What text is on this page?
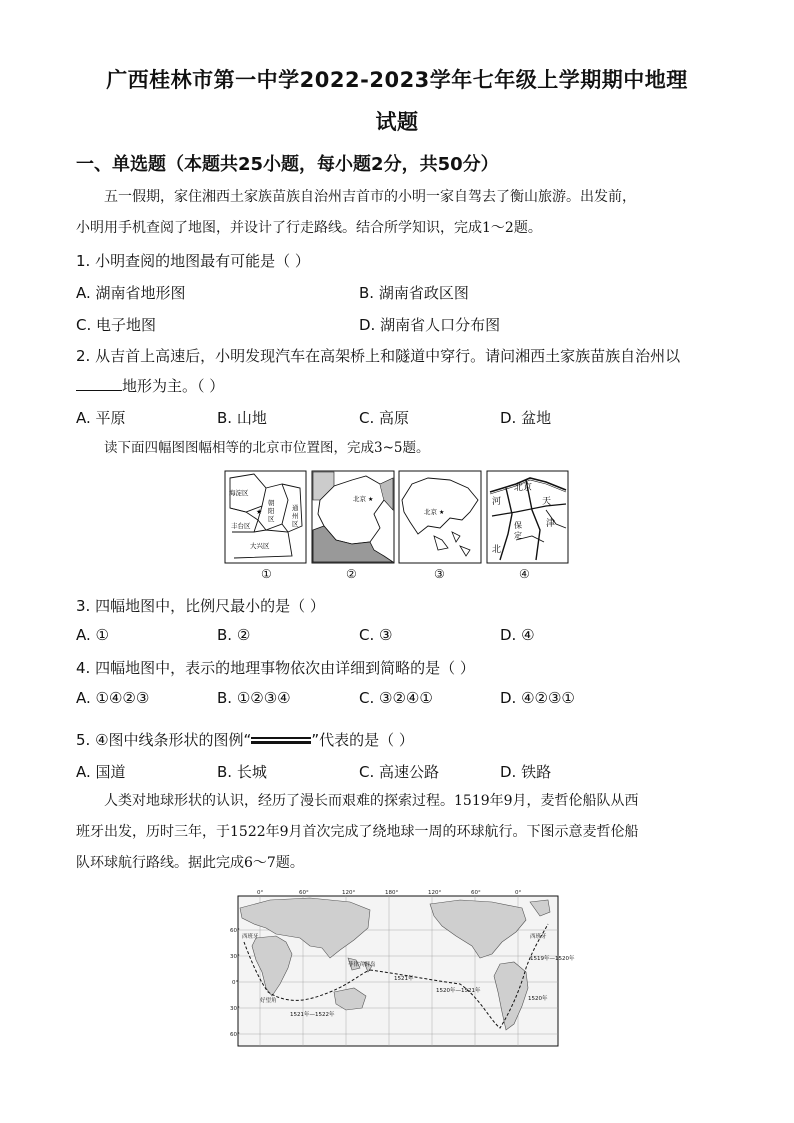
广西桂林市第一中学2022-2023学年七年级上学期期中地理
试题
一、单选题（本题共25小题，每小题2分，共50分）
五一假期，家住湘西土家族苗族自治州吉首市的小明一家自驾去了衡山旅游。出发前，
小明用手机查阅了地图，并设计了行走路线。结合所学知识，完成1～2题。
1. 小明查阅的地图最有可能是（ ）
A. 湖南省地形图	B. 湖南省政区图
C. 电子地图	D. 湖南省人口分布图
2. 从吉首上高速后，小明发现汽车在高架桥上和隧道中穿行。请问湘西土家族苗族自治州以
地形为主。（ ）
A. 平原	B. 山地	C. 高原	D. 盆地
读下面四幅图图幅相等的北京市位置图，完成3~5题。
海淀区
朝
阳
区
通
州
区
丰台区
大兴区
★
北京 ★
北京 ★
北京
河	天
津
保
定
北
①	②	③	④
3. 四幅地图中，比例尺最小的是（ ）
A. ①	B. ②	C. ③	D. ④
4. 四幅地图中，表示的地理事物依次由详细到简略的是（ ）
A. ①④②③	B. ①②③④	C. ③②④①	D. ④②③①
5. ④图中线条形状的图例“	”代表的是（ ）
A. 国道	B. 长城	C. 高速公路	D. 铁路
人类对地球形状的认识，经历了漫长而艰难的探索过程。1519年9月，麦哲伦船队从西
班牙出发，历时三年，于1522年9月首次完成了绕地球一周的环球航行。下图示意麦哲伦船
队环球航行路线。据此完成6～7题。
0°	60°	120°	180°	120°	60°	0°
60°
30°
0°
30°
60°
西班牙	西班牙
菲律宾群岛
好望角
1521年
1521年—1522年
1520年—1521年
1519年—1520年
1520年
